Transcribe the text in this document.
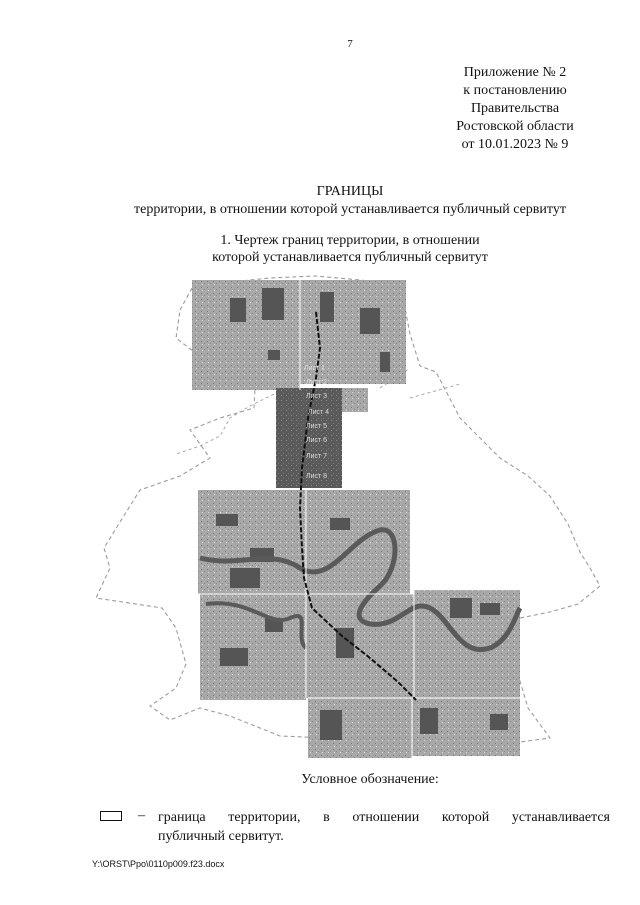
7
Приложение № 2
к постановлению
Правительства
Ростовской области
от 10.01.2023 № 9
ГРАНИЦЫ
территории, в отношении которой устанавливается публичный сервитут
1. Чертеж границ территории, в отношении
которой устанавливается публичный сервитут
Лист 1
Лист 2
Лист 3
Лист 4
Лист 5
Лист 6
Лист 7
Лист 8
Условное обозначение:
– граница территории, в отношении которой устанавливается
публичный сервитут.
Y:\ORST\Ppo\0110p009.f23.docx
